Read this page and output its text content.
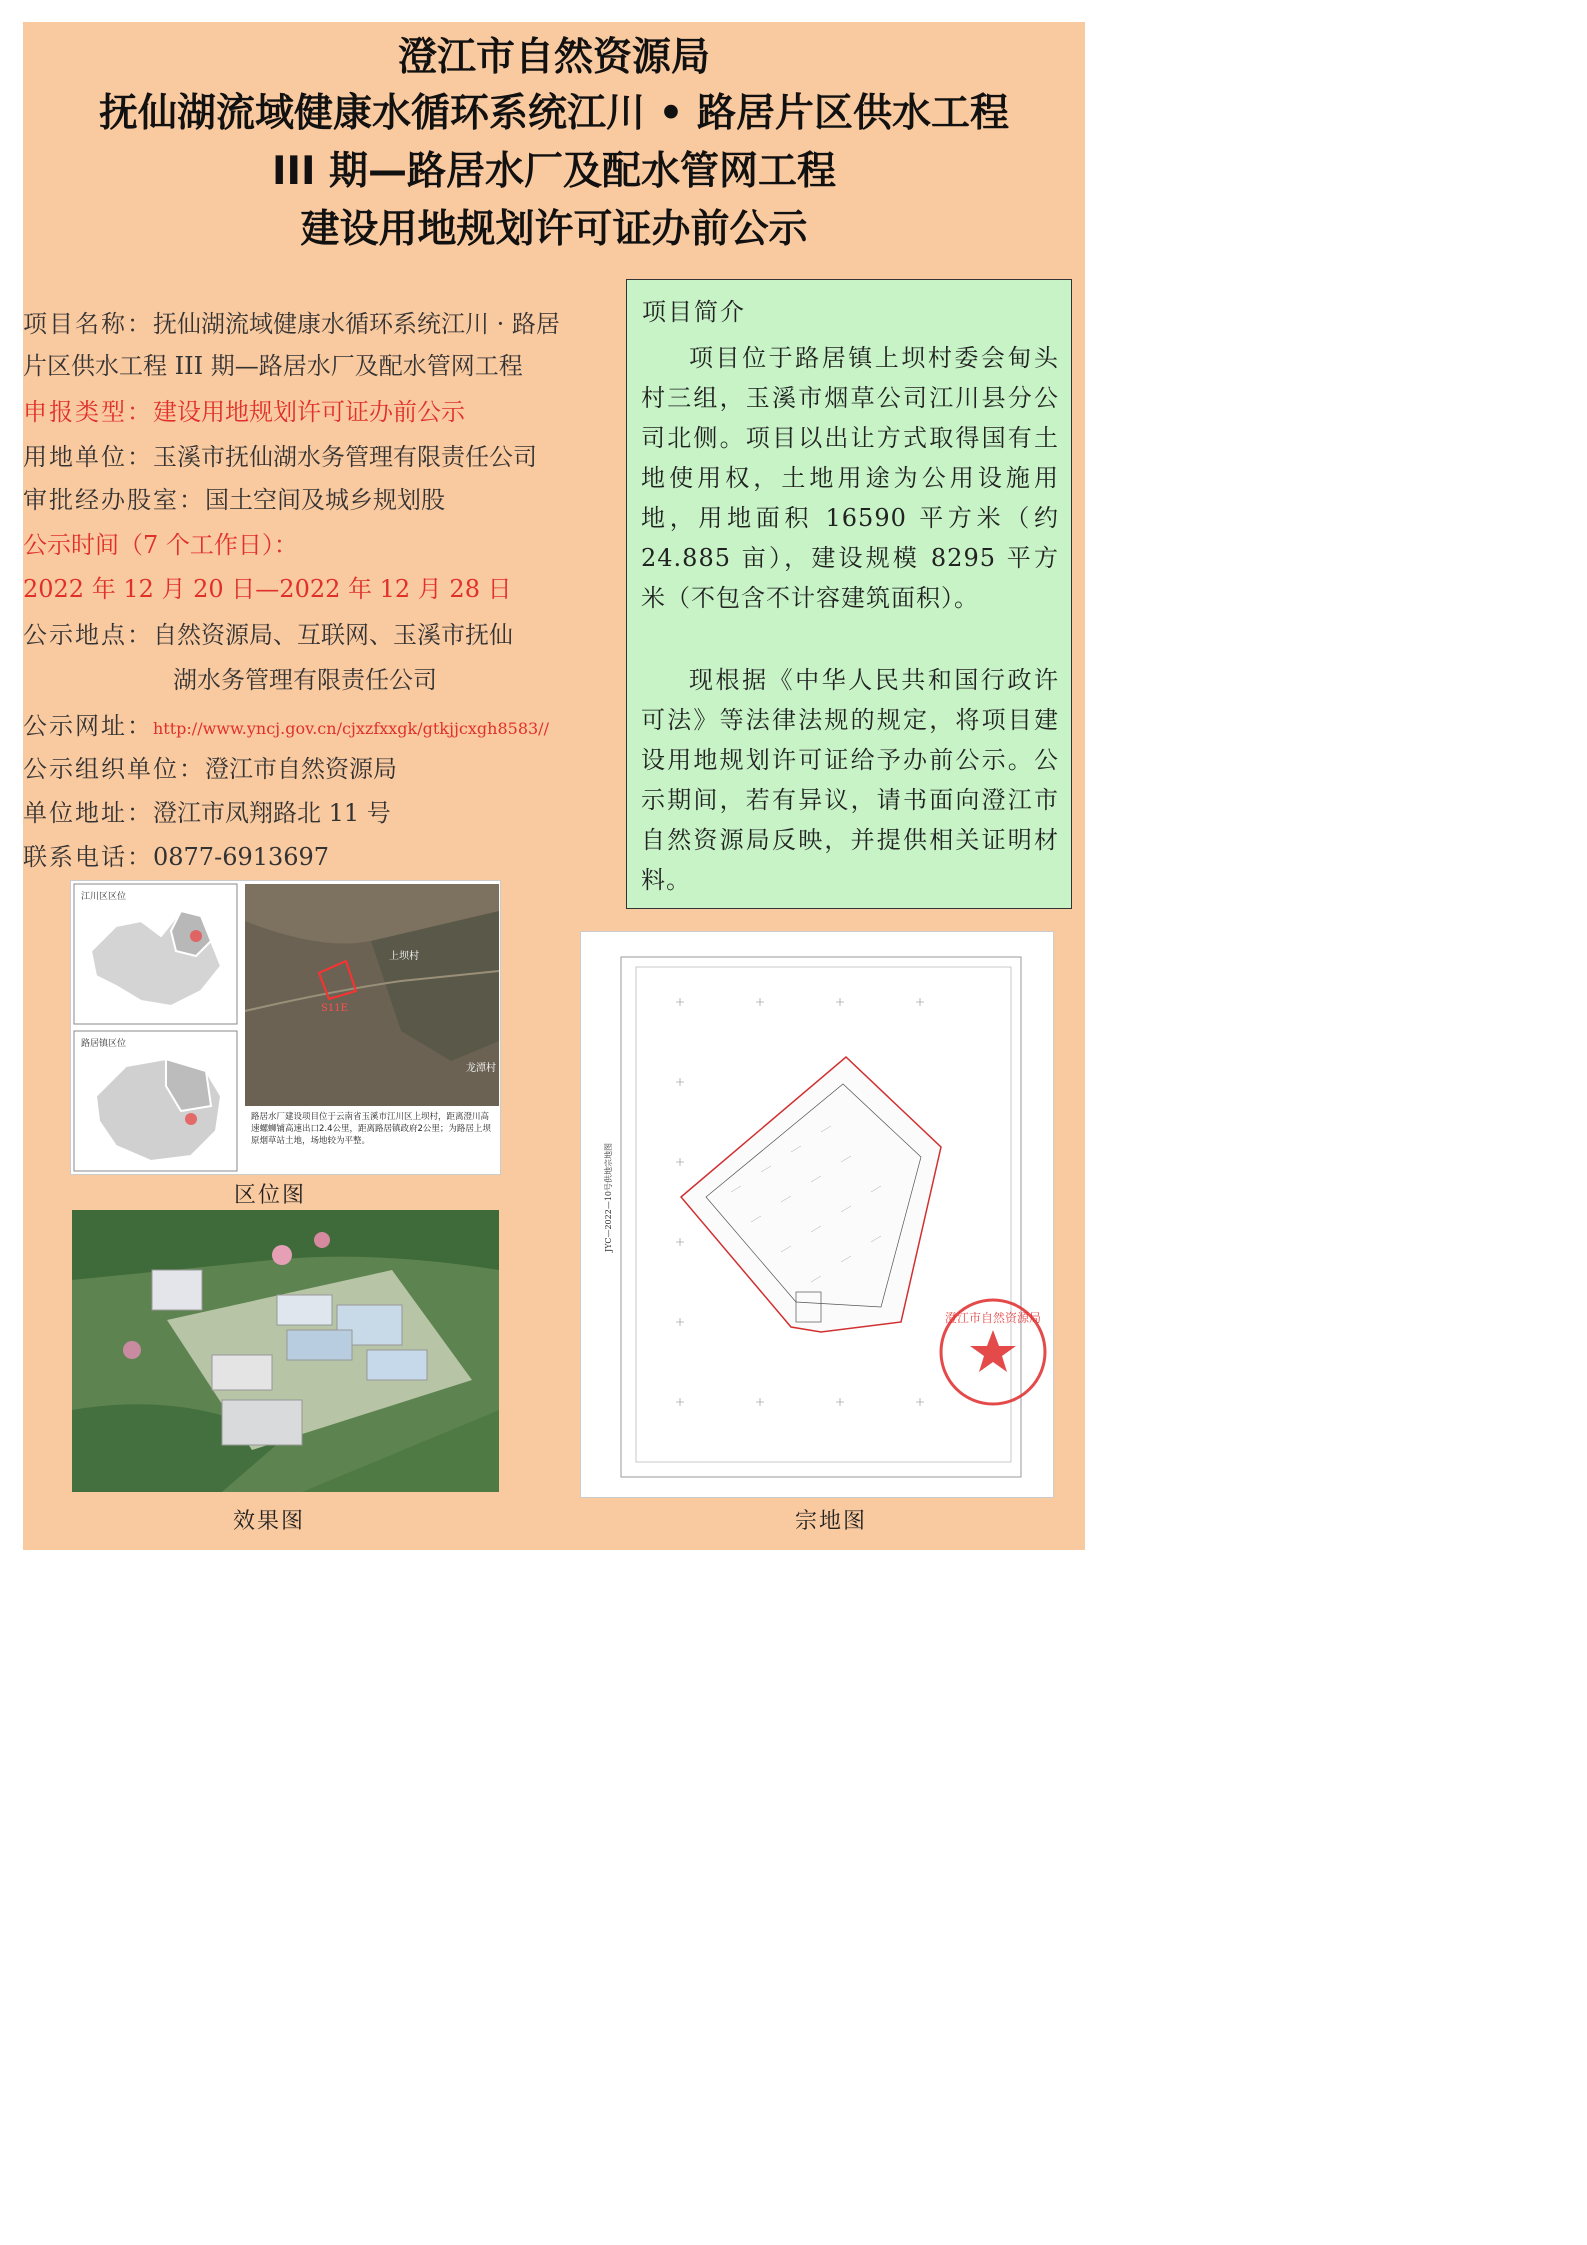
澄江市自然资源局
抚仙湖流域健康水循环系统江川 • 路居片区供水工程
III 期—路居水厂及配水管网工程
建设用地规划许可证办前公示
项目名称：抚仙湖流域健康水循环系统江川 · 路居
片区供水工程 III 期—路居水厂及配水管网工程
申报类型：建设用地规划许可证办前公示
用地单位：玉溪市抚仙湖水务管理有限责任公司
审批经办股室：国土空间及城乡规划股
公示时间（7 个工作日）：
2022 年 12 月 20 日—2022 年 12 月 28 日
公示地点：自然资源局、互联网、玉溪市抚仙
湖水务管理有限责任公司
公示网址：http://www.yncj.gov.cn/cjxzfxxgk/gtkjjcxgh8583//
公示组织单位：澄江市自然资源局
单位地址：澄江市凤翔路北 11 号
联系电话：0877-6913697
项目简介
项目位于路居镇上坝村委会甸头村三组，玉溪市烟草公司江川县分公司北侧。项目以出让方式取得国有土地使用权，土地用途为公用设施用地，用地面积 16590 平方米（约 24.885 亩），建设规模 8295 平方米（不包含不计容建筑面积）。
现根据《中华人民共和国行政许可法》等法律法规的规定，将项目建设用地规划许可证给予办前公示。公示期间，若有异议，请书面向澄江市自然资源局反映，并提供相关证明材料。
江川区区位
路居镇区位
S11E
上坝村
龙潭村
路居水厂建设项目位于云南省玉溪市江川区上坝村，距离澄川高速螺蛳铺高速出口2.4公里，距离路居镇政府2公里；为路居上坝原烟草站土地，场地较为平整。
区位图
效果图
JYC—2022—10号供地宗地图
澄江市自然资源局
宗地图
